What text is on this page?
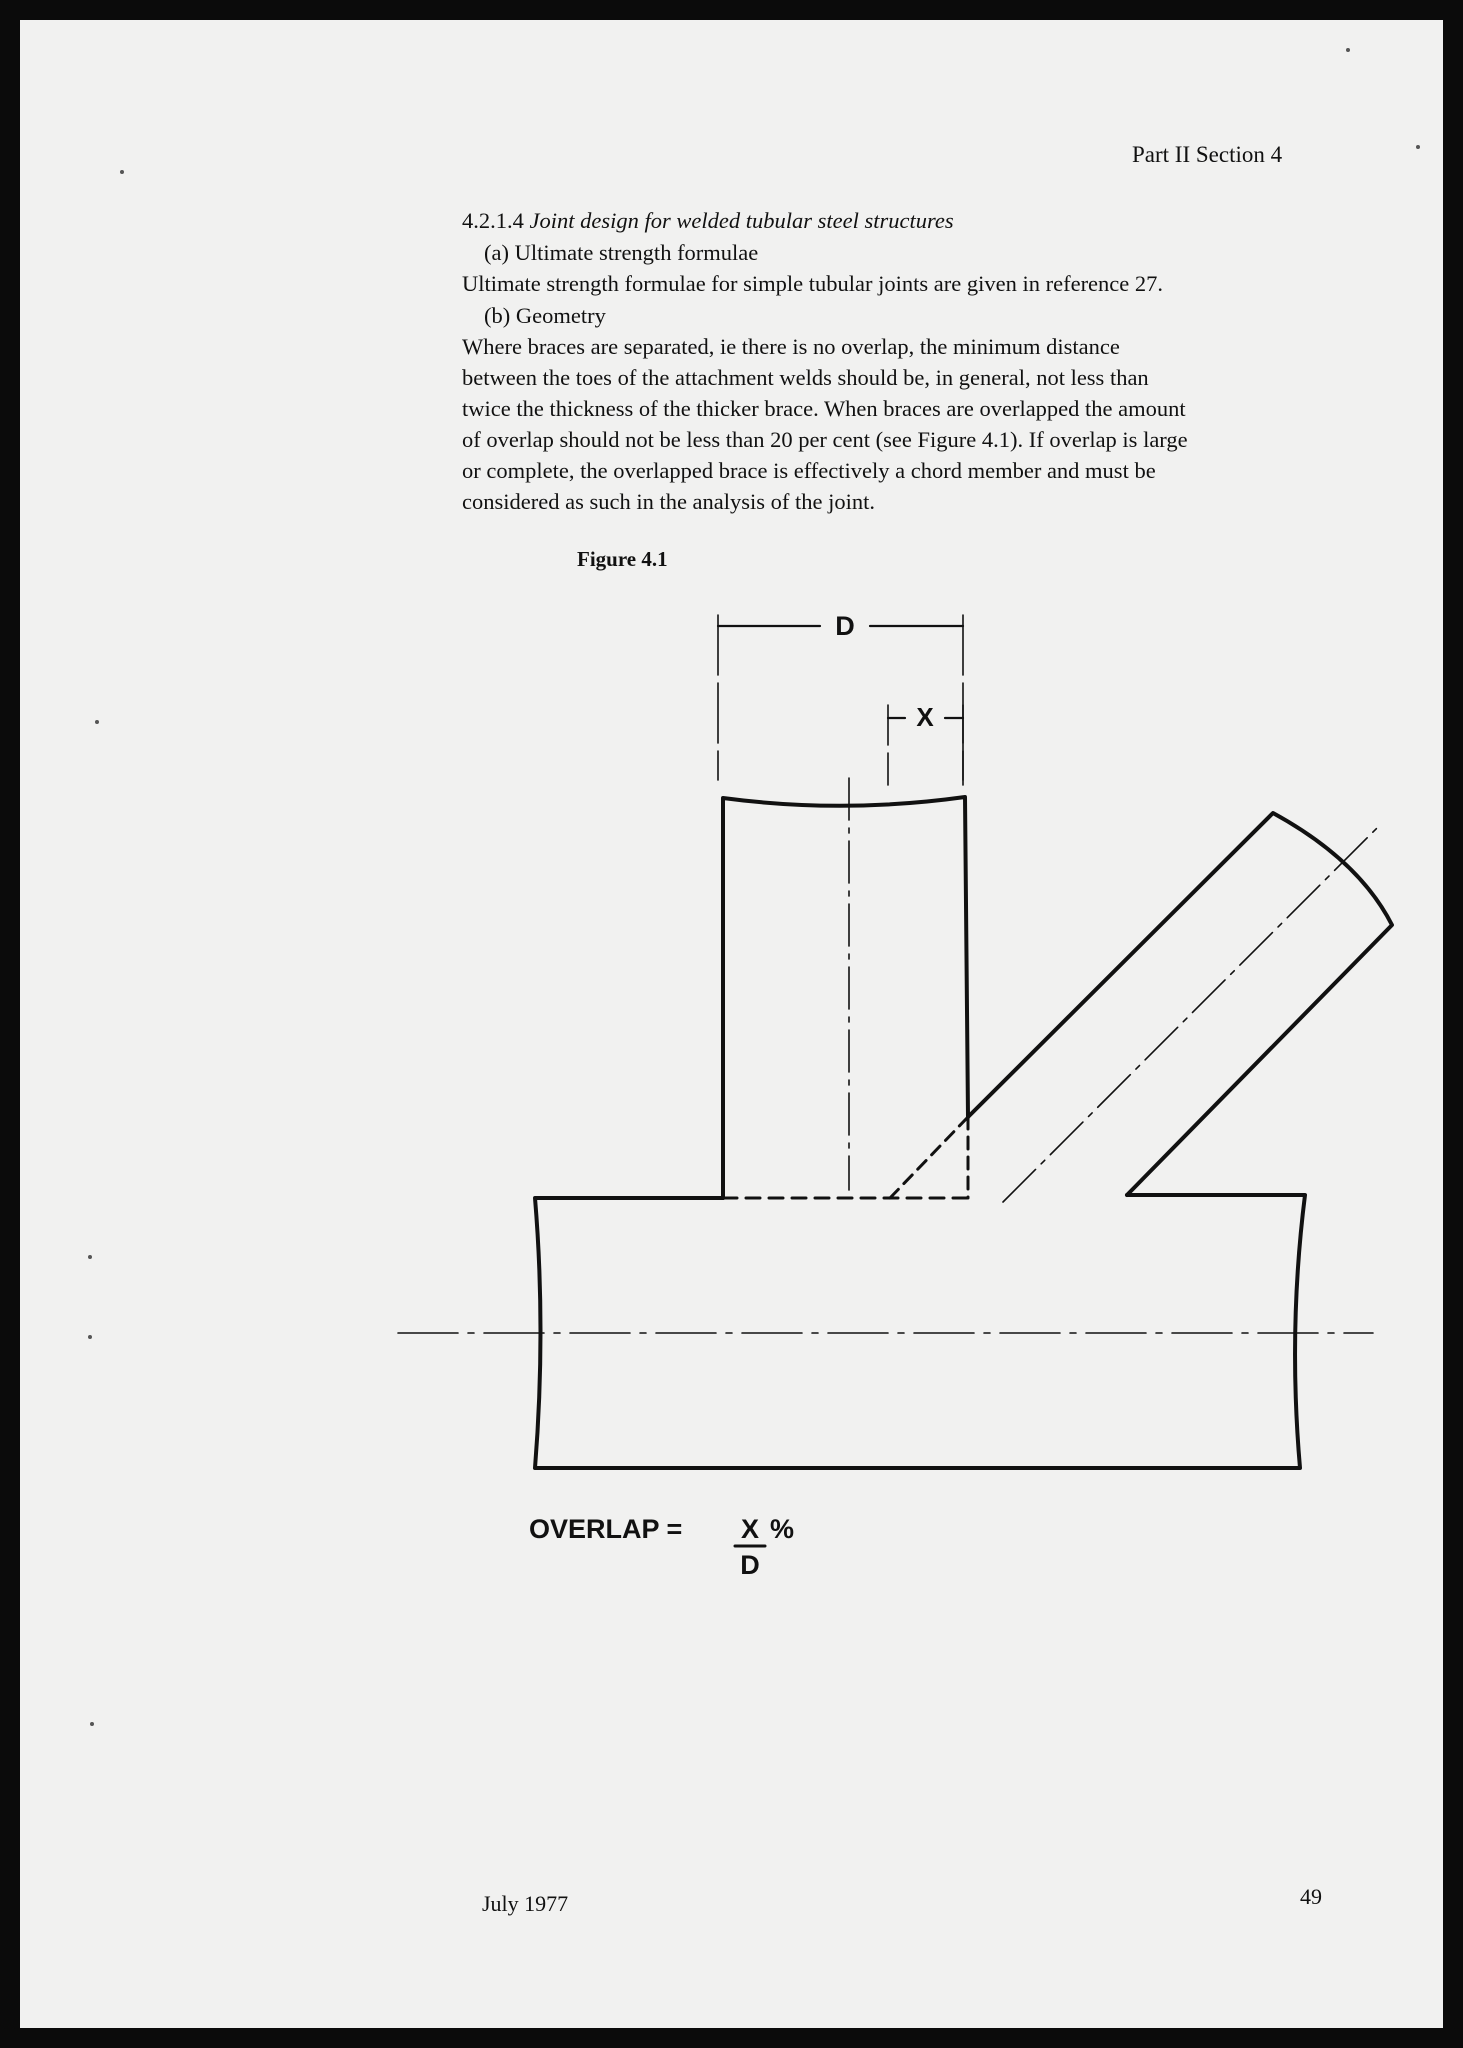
Part II Section 4
4.2.1.4 Joint design for welded tubular steel structures
(a) Ultimate strength formulae
Ultimate strength formulae for simple tubular joints are given in reference 27.
(b) Geometry
Where braces are separated, ie there is no overlap, the minimum distance
between the toes of the attachment welds should be, in general, not less than
twice the thickness of the thicker brace. When braces are overlapped the amount
of overlap should not be less than 20 per cent (see Figure 4.1). If overlap is large
or complete, the overlapped brace is effectively a chord member and must be
considered as such in the analysis of the joint.
Figure 4.1
D
X
OVERLAP = X %
D
July 1977	49
